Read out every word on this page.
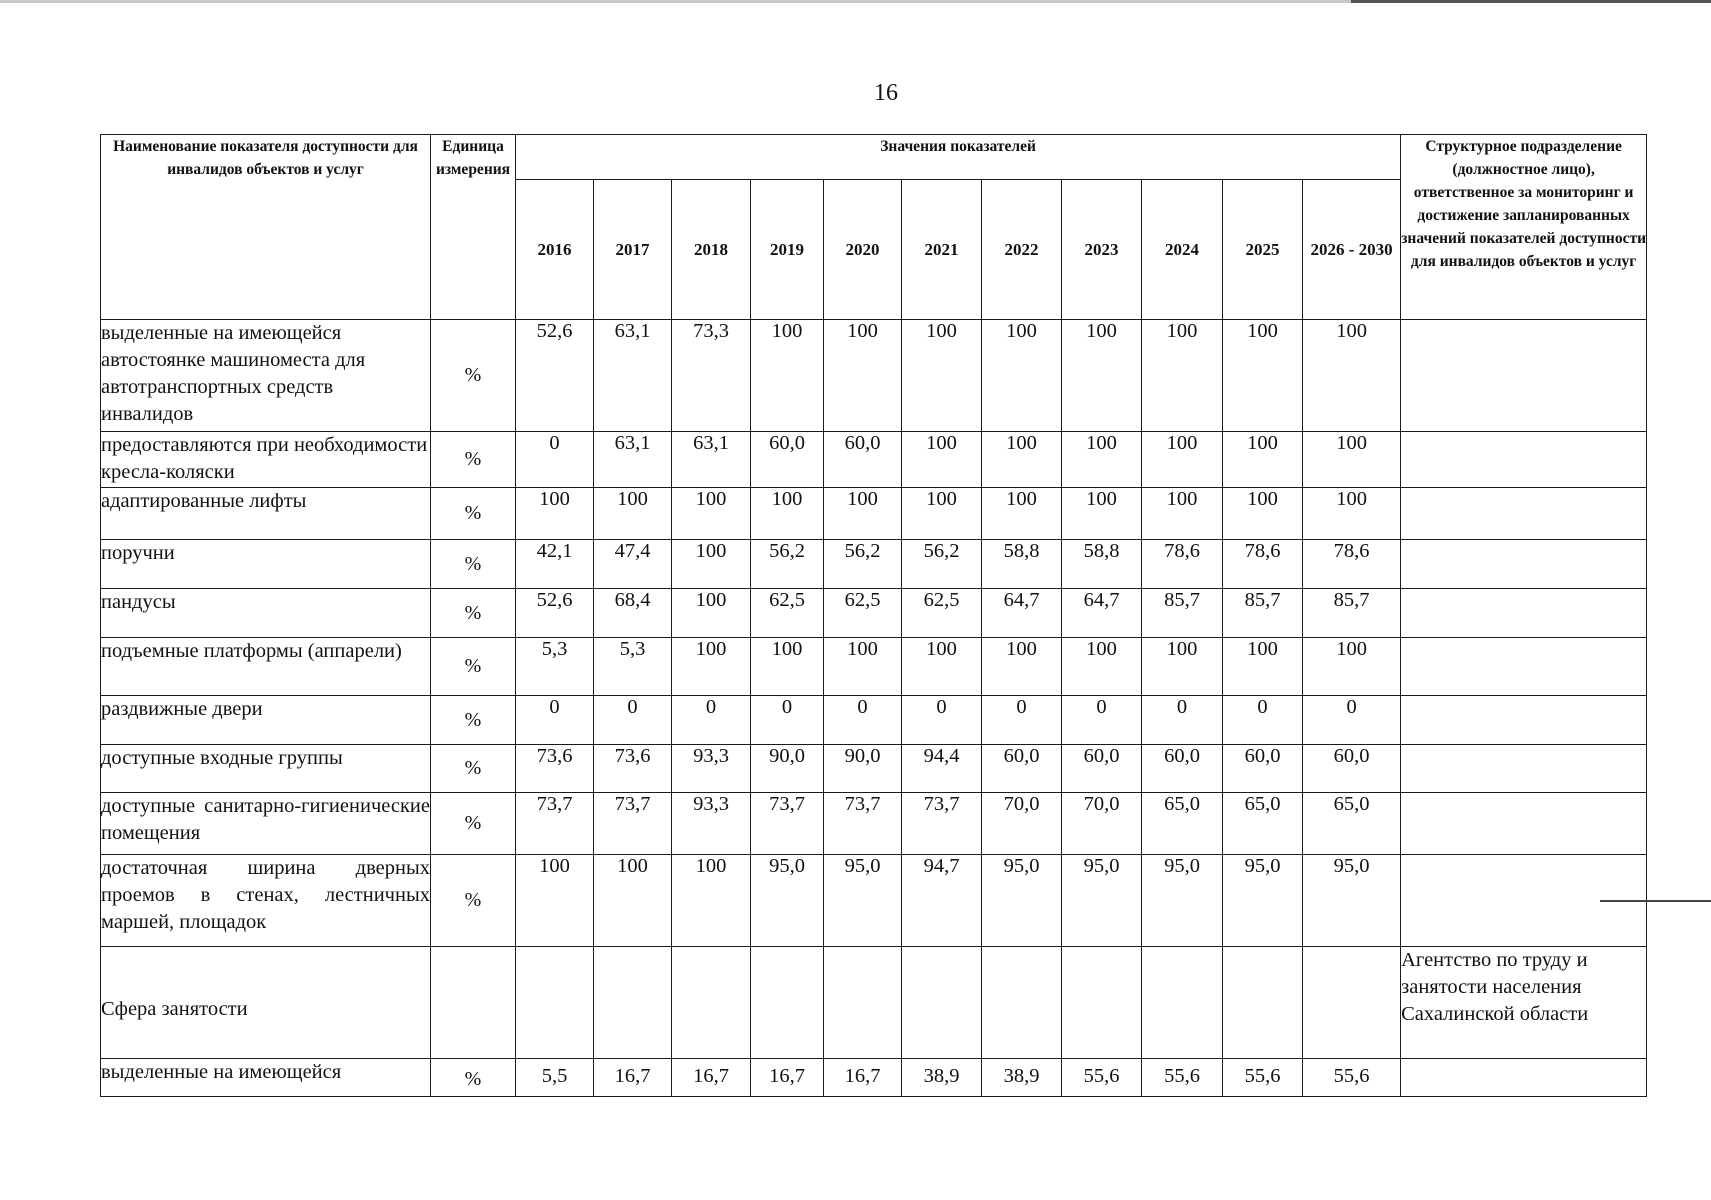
16
Наименование показателя доступности для инвалидов объектов и услуг	Единица измерения	Значения показателей											Структурное подразделение (должностное лицо), ответственное за мониторинг и достижение запланированных значений показателей доступности для инвалидов объектов и услуг
		2016	2017	2018	2019	2020	2021	2022	2023	2024	2025	2026 - 2030	
выделенные на имеющейся автостоянке машиноместа для автотранспортных средств инвалидов	%	52,6	63,1	73,3	100	100	100	100	100	100	100	100	
предоставляются при необходимости кресла-коляски	%	0	63,1	63,1	60,0	60,0	100	100	100	100	100	100	
адаптированные лифты	%	100	100	100	100	100	100	100	100	100	100	100	
поручни	%	42,1	47,4	100	56,2	56,2	56,2	58,8	58,8	78,6	78,6	78,6	
пандусы	%	52,6	68,4	100	62,5	62,5	62,5	64,7	64,7	85,7	85,7	85,7	
подъемные платформы (аппарели)	%	5,3	5,3	100	100	100	100	100	100	100	100	100	
раздвижные двери	%	0	0	0	0	0	0	0	0	0	0	0	
доступные входные группы	%	73,6	73,6	93,3	90,0	90,0	94,4	60,0	60,0	60,0	60,0	60,0	
доступные санитарно-гигиенические помещения	%	73,7	73,7	93,3	73,7	73,7	73,7	70,0	70,0	65,0	65,0	65,0	
достаточная ширина дверных проемов в стенах, лестничных маршей, площадок	%	100	100	100	95,0	95,0	94,7	95,0	95,0	95,0	95,0	95,0	
Сфера занятости													Агентство по труду и занятости населения Сахалинской области
выделенные на имеющейся	%	5,5	16,7	16,7	16,7	16,7	38,9	38,9	55,6	55,6	55,6	55,6	
